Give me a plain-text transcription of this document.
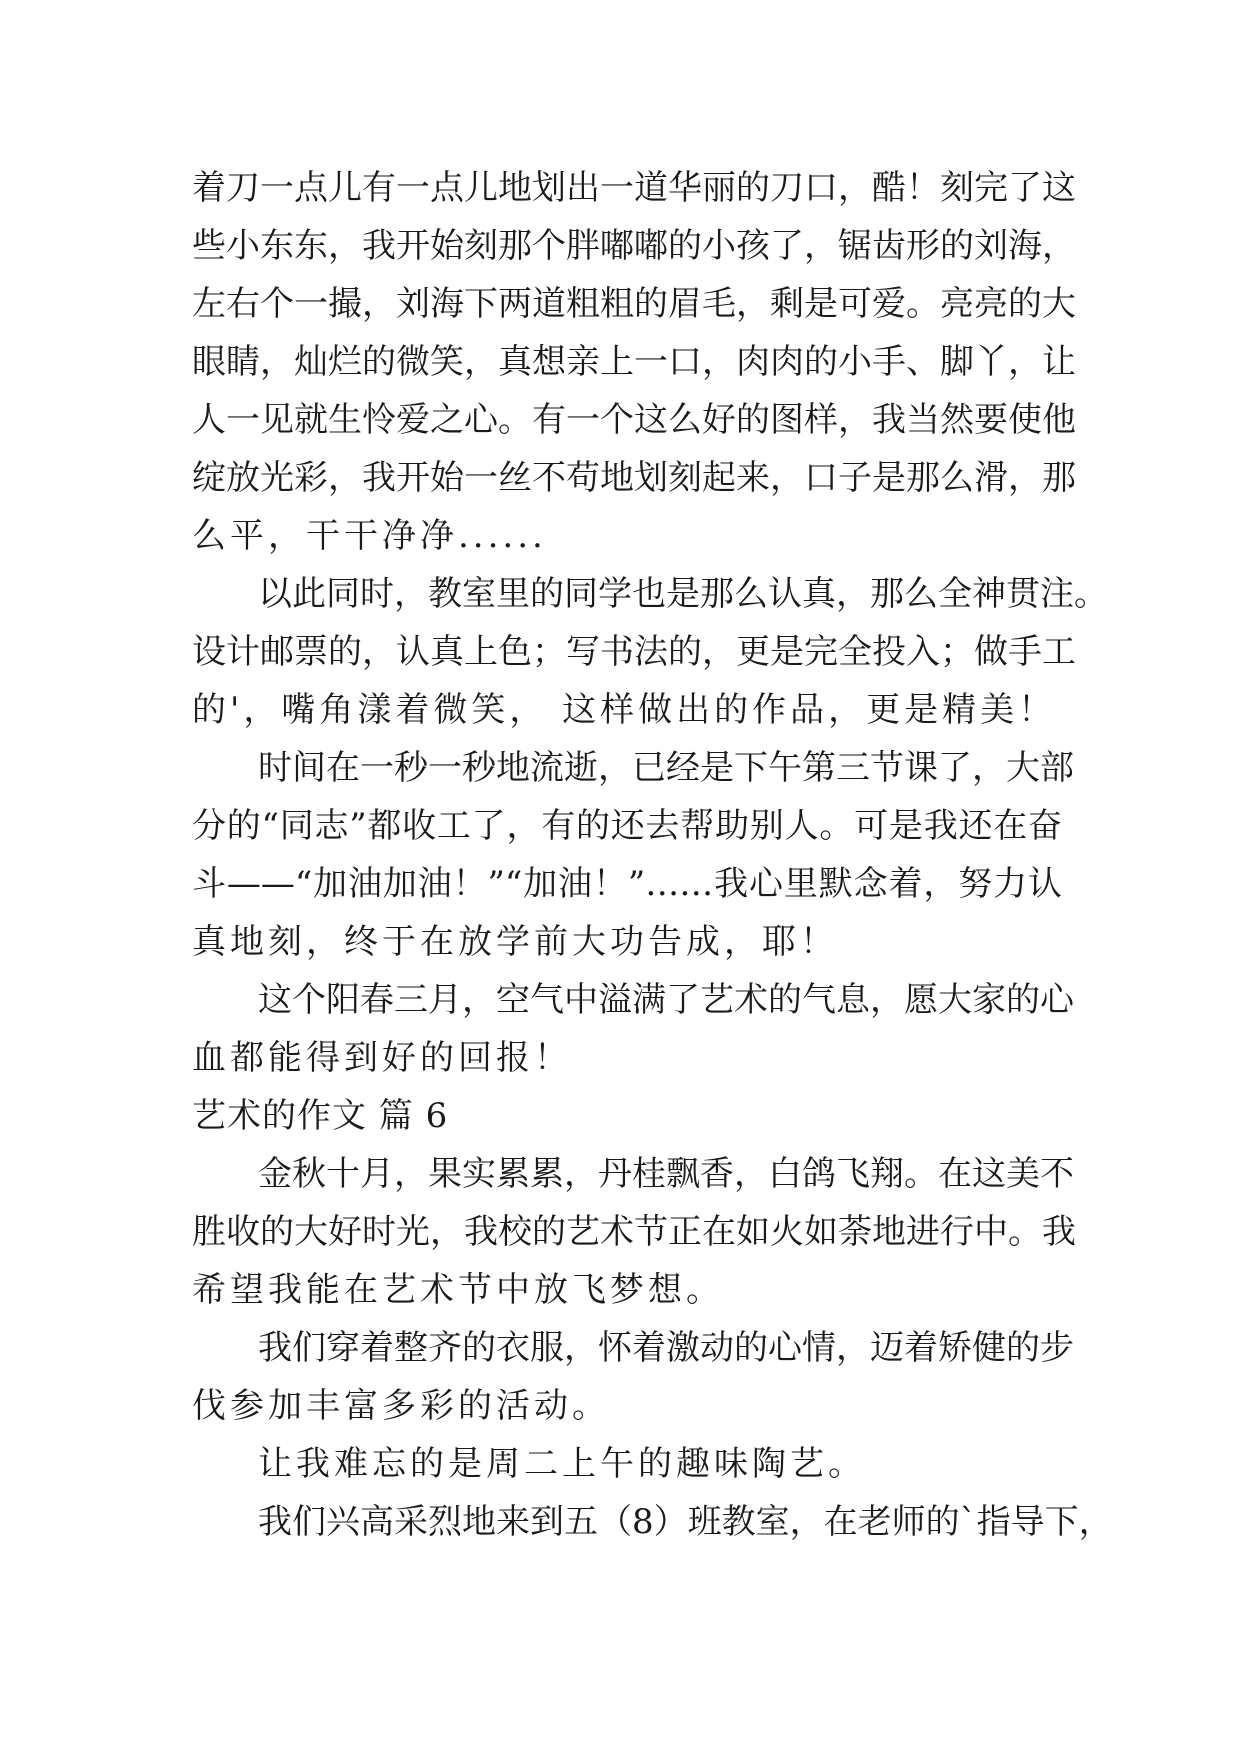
着刀一点儿有一点儿地划出一道华丽的刀口，酷！刻完了这
些小东东，我开始刻那个胖嘟嘟的小孩了，锯齿形的刘海，
左右个一撮，刘海下两道粗粗的眉毛，剩是可爱。亮亮的大
眼睛，灿烂的微笑，真想亲上一口，肉肉的小手、脚丫，让
人一见就生怜爱之心。有一个这么好的图样，我当然要使他
绽放光彩，我开始一丝不苟地划刻起来，口子是那么滑，那
么平，干干净净......
以此同时，教室里的同学也是那么认真，那么全神贯注。
设计邮票的，认真上色；写书法的，更是完全投入；做手工
的'，嘴角漾着微笑， 这样做出的作品，更是精美！
时间在一秒一秒地流逝，已经是下午第三节课了，大部
分的“同志”都收工了，有的还去帮助别人。可是我还在奋
斗——“加油加油！”“加油！”……我心里默念着，努力认
真地刻，终于在放学前大功告成，耶！
这个阳春三月，空气中溢满了艺术的气息，愿大家的心
血都能得到好的回报！
艺术的作文 篇 6
金秋十月，果实累累，丹桂飘香，白鸽飞翔。在这美不
胜收的大好时光，我校的艺术节正在如火如荼地进行中。我
希望我能在艺术节中放飞梦想。
我们穿着整齐的衣服，怀着激动的心情，迈着矫健的步
伐参加丰富多彩的活动。
让我难忘的是周二上午的趣味陶艺。
我们兴高采烈地来到五（8）班教室，在老师的`指导下，
